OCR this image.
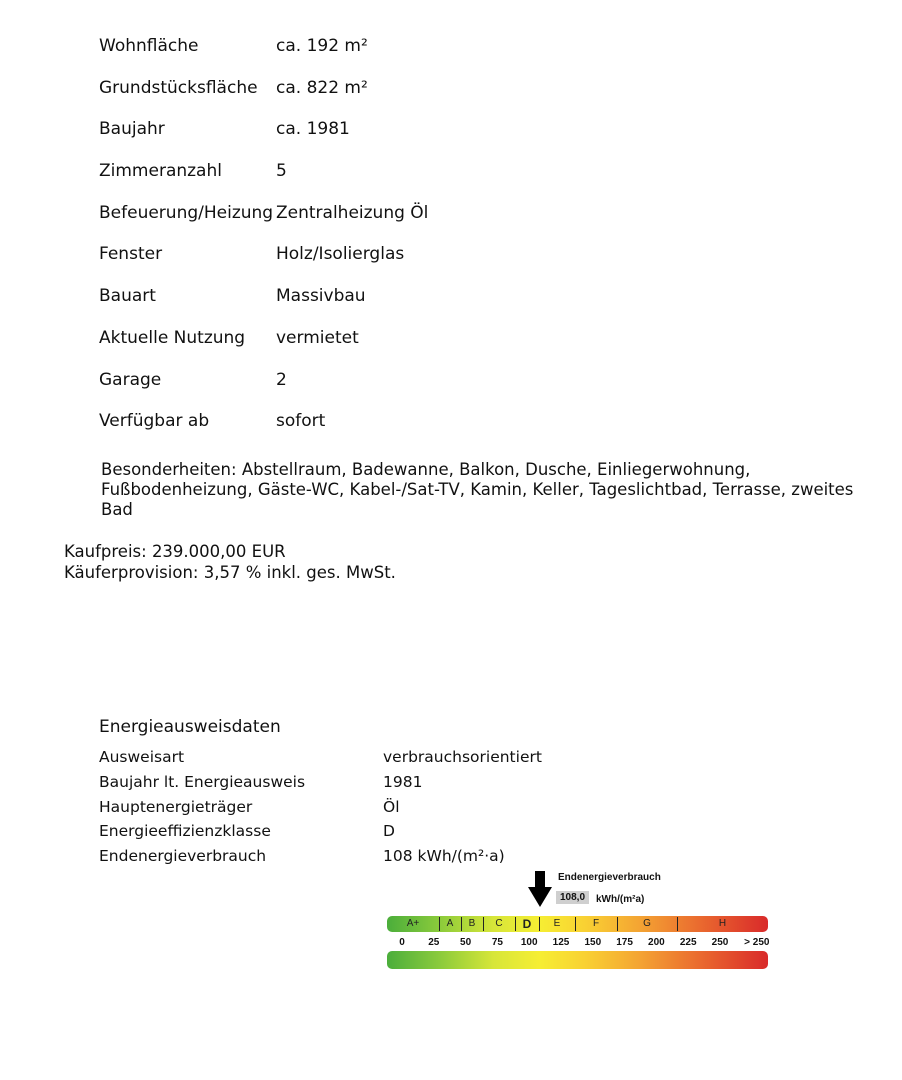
Wohnfläche	ca. 192 m²
Grundstücksfläche ca. 822 m²
Baujahr	ca. 1981
Zimmeranzahl	5
Befeuerung/Heizung Zentralheizung Öl
Fenster	Holz/Isolierglas
Bauart	Massivbau
Aktuelle Nutzung vermietet
Garage	2
Verfügbar ab	sofort
Besonderheiten: Abstellraum, Badewanne, Balkon, Dusche, Einliegerwohnung, Fußbodenheizung, Gäste-WC, Kabel-/Sat-TV, Kamin, Keller, Tageslichtbad, Terrasse, zweites Bad
Kaufpreis: 239.000,00 EUR
Käuferprovision: 3,57 % inkl. ges. MwSt.
Energieausweisdaten
Ausweisart	verbrauchsorientiert
Baujahr lt. Energieausweis	1981
Hauptenergieträger	Öl
Energieeffizienzklasse	D
Endenergieverbrauch	108 kWh/(m²·a)
Endenergieverbrauch
108,0	kWh/(m²a)
A+	A	B	C	D	E	F	G	H
0	25	50	75	100	125	150	175	200	225	250	> 250
